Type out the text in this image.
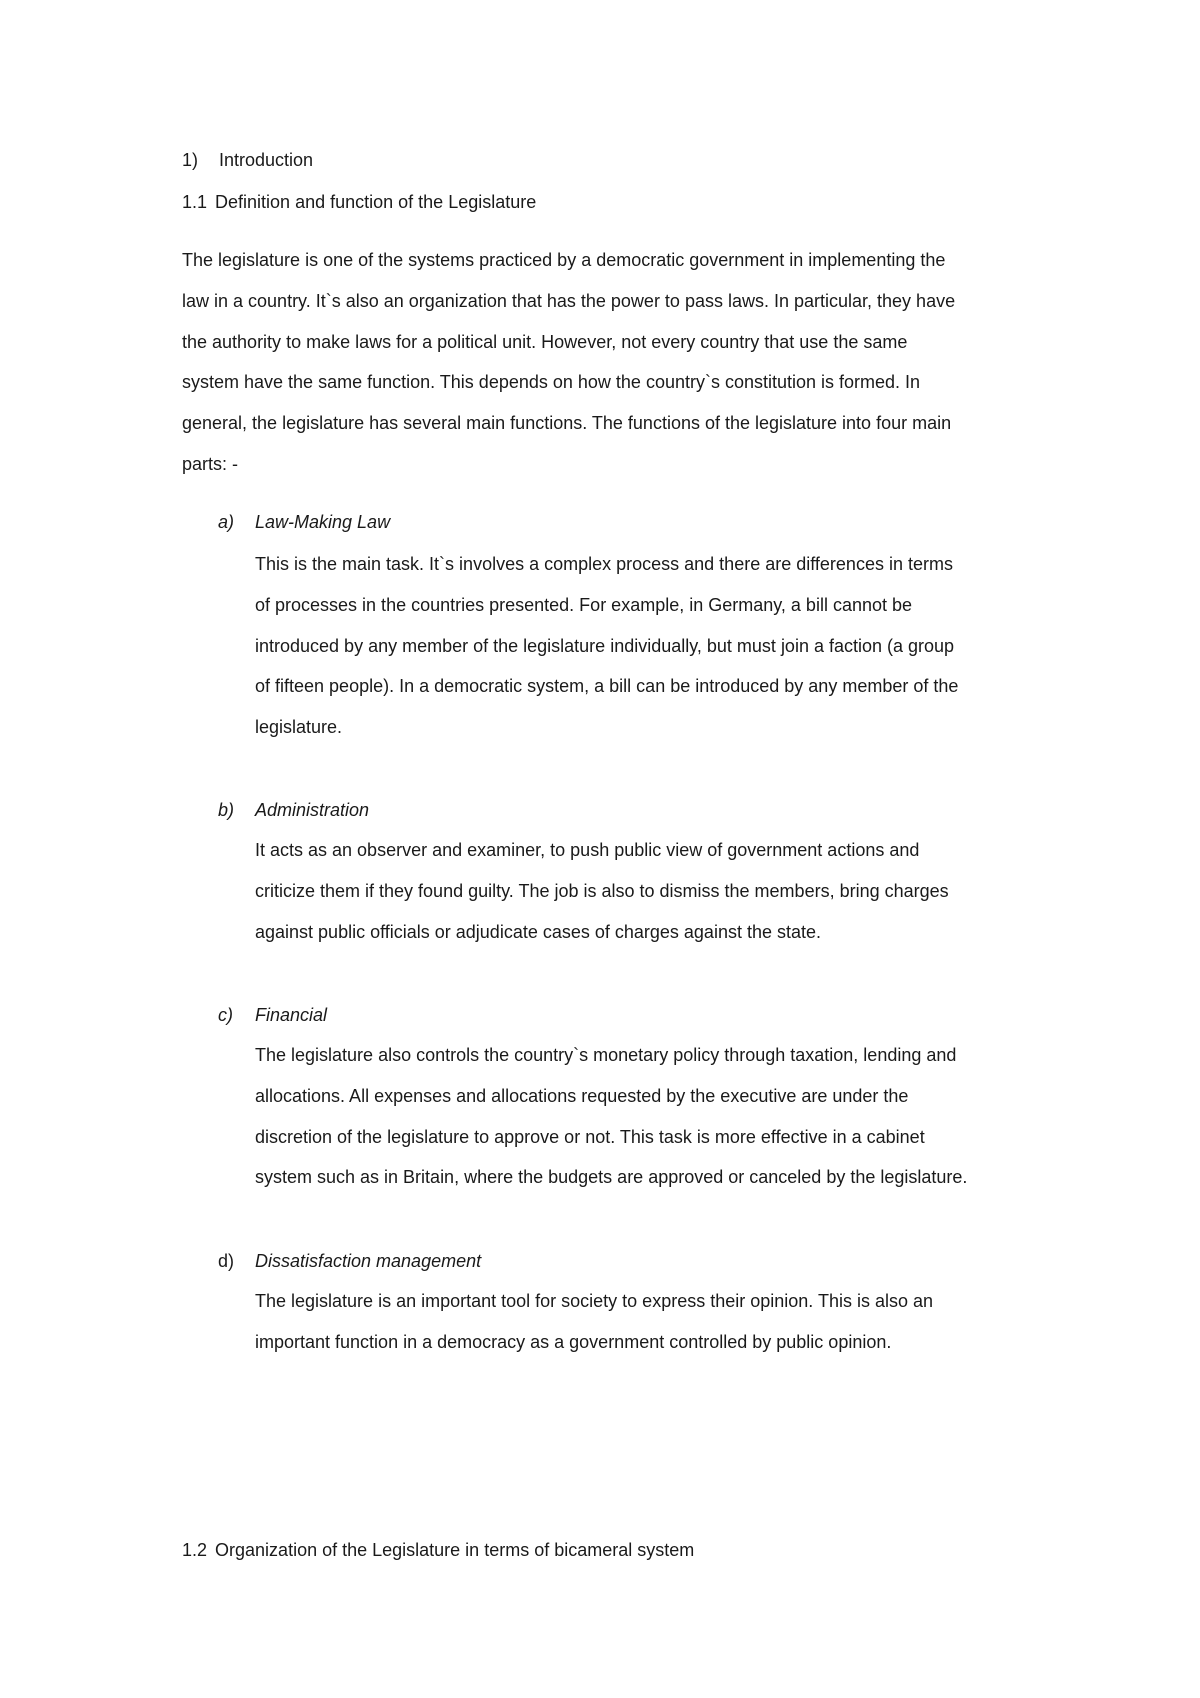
1) Introduction
1.1 Definition and function of the Legislature
The legislature is one of the systems practiced by a democratic government in implementing the
law in a country. It`s also an organization that has the power to pass laws. In particular, they have
the authority to make laws for a political unit. However, not every country that use the same
system have the same function. This depends on how the country`s constitution is formed. In
general, the legislature has several main functions. The functions of the legislature into four main
parts: -
a) Law-Making Law
This is the main task. It`s involves a complex process and there are differences in terms
of processes in the countries presented. For example, in Germany, a bill cannot be
introduced by any member of the legislature individually, but must join a faction (a group
of fifteen people). In a democratic system, a bill can be introduced by any member of the
legislature.
b) Administration
It acts as an observer and examiner, to push public view of government actions and
criticize them if they found guilty. The job is also to dismiss the members, bring charges
against public officials or adjudicate cases of charges against the state.
c) Financial
The legislature also controls the country`s monetary policy through taxation, lending and
allocations. All expenses and allocations requested by the executive are under the
discretion of the legislature to approve or not. This task is more effective in a cabinet
system such as in Britain, where the budgets are approved or canceled by the legislature.
d) Dissatisfaction management
The legislature is an important tool for society to express their opinion. This is also an
important function in a democracy as a government controlled by public opinion.
1.2 Organization of the Legislature in terms of bicameral system
